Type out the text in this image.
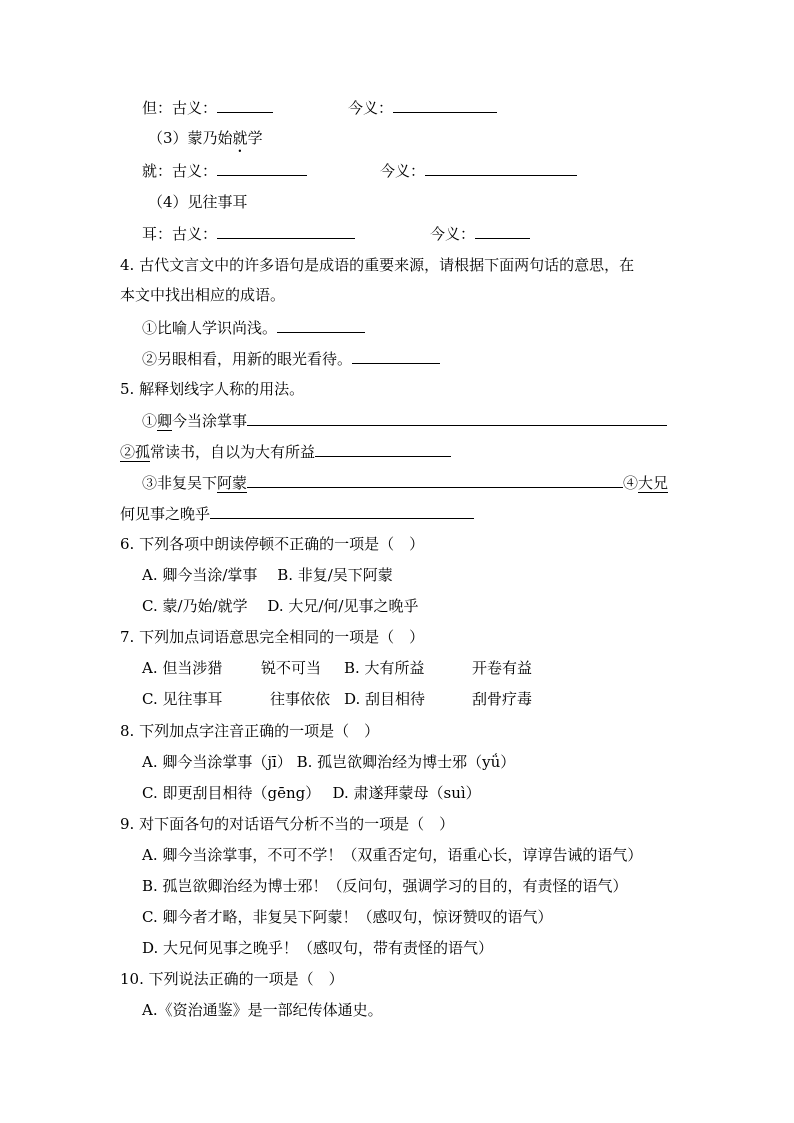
但：古义：	今义：
（3）蒙乃始就学
就：古义：	今义：
（4）见往事耳
耳：古义：	今义：
4. 古代文言文中的许多语句是成语的重要来源，请根据下面两句话的意思，在
本文中找出相应的成语。
①比喻人学识尚浅。
②另眼相看，用新的眼光看待。
5. 解释划线字人称的用法。
①卿今当涂掌事
②孤常读书，自以为大有所益
③非复吴下阿蒙	④大兄
何见事之晚乎
6. 下列各项中朗读停顿不正确的一项是（　）
A. 卿今当涂/掌事　 B. 非复/吴下阿蒙
C. 蒙/乃始/就学　 D. 大兄/何/见事之晚乎
7. 下列加点词语意思完全相同的一项是（　）
A. 但当涉猎	锐不可当 B. 大有所益	开卷有益
C. 见往事耳	往事依依 D. 刮目相待	刮骨疗毒
8. 下列加点字注音正确的一项是（　）
A. 卿今当涂掌事（jī） B. 孤岂欲卿治经为博士邪（yǘ）
C. 即更刮目相待（gēng）　 D. 肃遂拜蒙母（suì）
9. 对下面各句的对话语气分析不当的一项是（　）
A. 卿今当涂掌事，不可不学！（双重否定句，语重心长，谆谆告诫的语气）
B. 孤岂欲卿治经为博士邪！（反问句，强调学习的目的，有责怪的语气）
C. 卿今者才略，非复吴下阿蒙！（感叹句，惊讶赞叹的语气）
D. 大兄何见事之晚乎！（感叹句，带有责怪的语气）
10. 下列说法正确的一项是（　）
A.《资治通鉴》是一部纪传体通史。
